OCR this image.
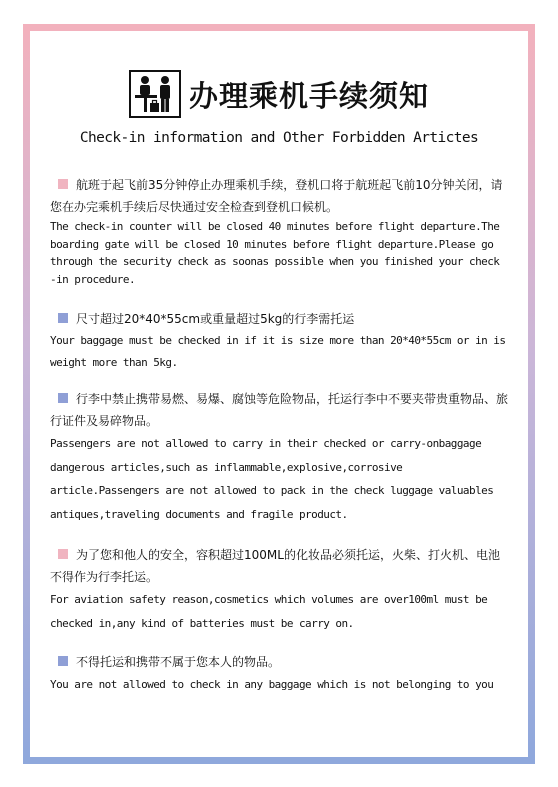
办理乘机手续须知
Check-in information and Other Forbidden Artictes
航班于起飞前35分钟停止办理乘机手续，登机口将于航班起飞前10分钟关闭，请您在办完乘机手续后尽快通过安全检查到登机口候机。
The check-in counter will be closed 40 minutes before flight departure.The boarding gate will be closed 10 minutes before flight departure.Please go through the security check as soonas possible when you finished your check -in procedure.
尺寸超过20*40*55cm或重量超过5kg的行李需托运
Your baggage must be checked in if it is size more than 20*40*55cm or in is weight more than 5kg.
行李中禁止携带易燃、易爆、腐蚀等危险物品，托运行李中不要夹带贵重物品、旅行证件及易碎物品。
Passengers are not allowed to carry in their checked or carry-onbaggage dangerous articles,such as inflammable,explosive,corrosive article.Passengers are not allowed to pack in the check luggage valuables antiques,traveling documents and fragile product.
为了您和他人的安全，容积超过100ML的化妆品必须托运，火柴、打火机、电池不得作为行李托运。
For aviation safety reason,cosmetics which volumes are over100ml must be checked in,any kind of batteries must be carry on.
不得托运和携带不属于您本人的物品。
You are not allowed to check in any baggage which is not belonging to you
